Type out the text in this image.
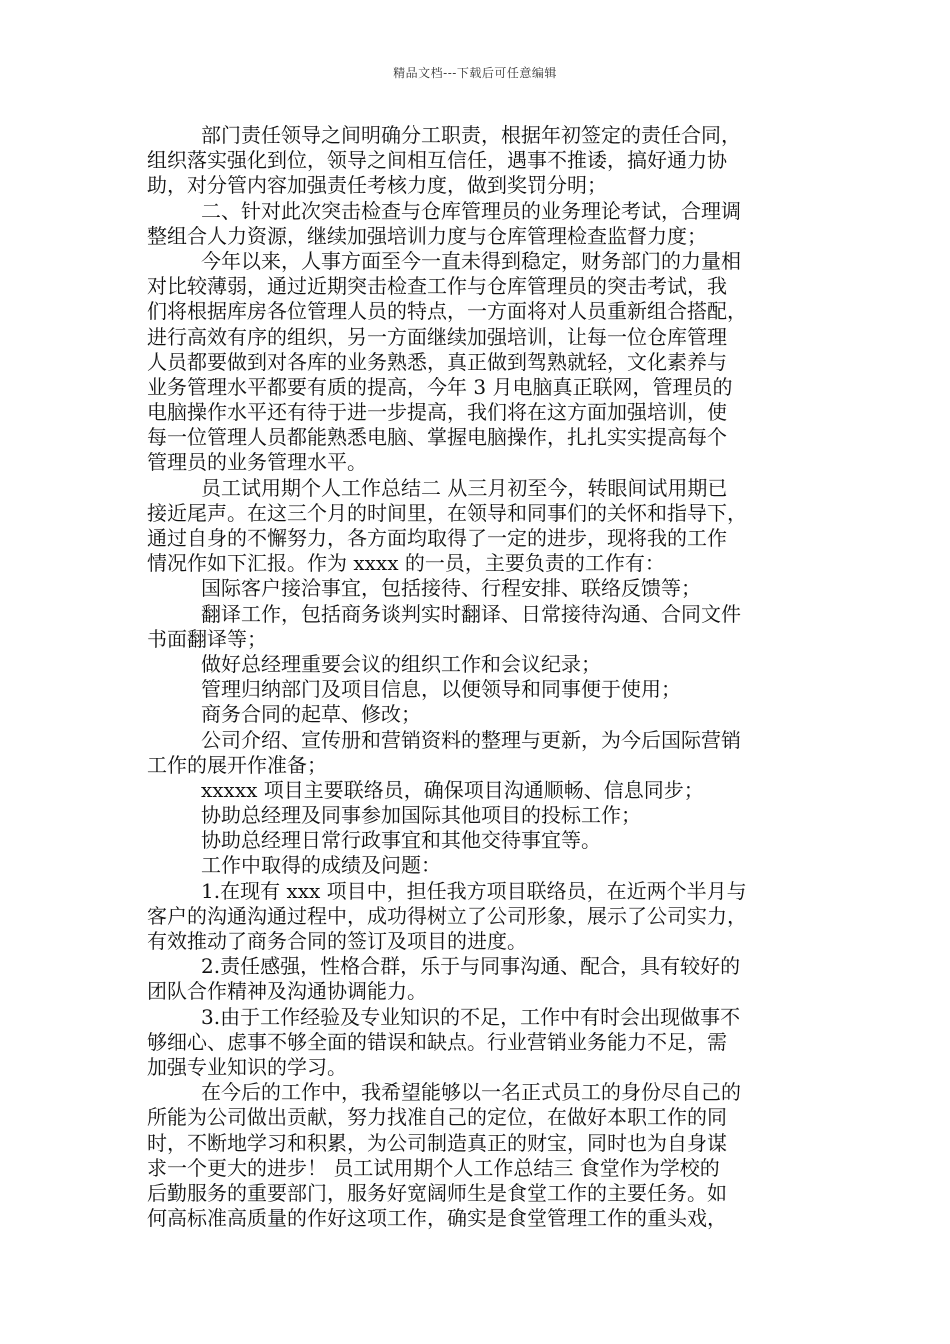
精品文档---下载后可任意编辑
部门责任领导之间明确分工职责，根据年初签定的责任合同，
组织落实强化到位，领导之间相互信任，遇事不推诿，搞好通力协
助，对分管内容加强责任考核力度，做到奖罚分明；
二、针对此次突击检查与仓库管理员的业务理论考试，合理调
整组合人力资源，继续加强培训力度与仓库管理检查监督力度；
今年以来，人事方面至今一直未得到稳定，财务部门的力量相
对比较薄弱，通过近期突击检查工作与仓库管理员的突击考试，我
们将根据库房各位管理人员的特点，一方面将对人员重新组合搭配，
进行高效有序的组织，另一方面继续加强培训，让每一位仓库管理
人员都要做到对各库的业务熟悉，真正做到驾熟就轻，文化素养与
业务管理水平都要有质的提高，今年 3 月电脑真正联网，管理员的
电脑操作水平还有待于进一步提高，我们将在这方面加强培训，使
每一位管理人员都能熟悉电脑、掌握电脑操作，扎扎实实提高每个
管理员的业务管理水平。
员工试用期个人工作总结二 从三月初至今，转眼间试用期已
接近尾声。在这三个月的时间里，在领导和同事们的关怀和指导下，
通过自身的不懈努力，各方面均取得了一定的进步，现将我的工作
情况作如下汇报。作为 xxxx 的一员，主要负责的工作有：
国际客户接洽事宜，包括接待、行程安排、联络反馈等；
翻译工作，包括商务谈判实时翻译、日常接待沟通、合同文件
书面翻译等；
做好总经理重要会议的组织工作和会议纪录；
管理归纳部门及项目信息，以便领导和同事便于使用；
商务合同的起草、修改；
公司介绍、宣传册和营销资料的整理与更新，为今后国际营销
工作的展开作准备；
xxxxx 项目主要联络员，确保项目沟通顺畅、信息同步；
协助总经理及同事参加国际其他项目的投标工作；
协助总经理日常行政事宜和其他交待事宜等。
工作中取得的成绩及问题：
1.在现有 xxx 项目中，担任我方项目联络员，在近两个半月与
客户的沟通沟通过程中，成功得树立了公司形象，展示了公司实力，
有效推动了商务合同的签订及项目的进度。
2.责任感强，性格合群，乐于与同事沟通、配合，具有较好的
团队合作精神及沟通协调能力。
3.由于工作经验及专业知识的不足，工作中有时会出现做事不
够细心、虑事不够全面的错误和缺点。行业营销业务能力不足，需
加强专业知识的学习。
在今后的工作中，我希望能够以一名正式员工的身份尽自己的
所能为公司做出贡献，努力找准自己的定位，在做好本职工作的同
时，不断地学习和积累，为公司制造真正的财宝，同时也为自身谋
求一个更大的进步！ 员工试用期个人工作总结三 食堂作为学校的
后勤服务的重要部门，服务好宽阔师生是食堂工作的主要任务。如
何高标准高质量的作好这项工作，确实是食堂管理工作的重头戏，
